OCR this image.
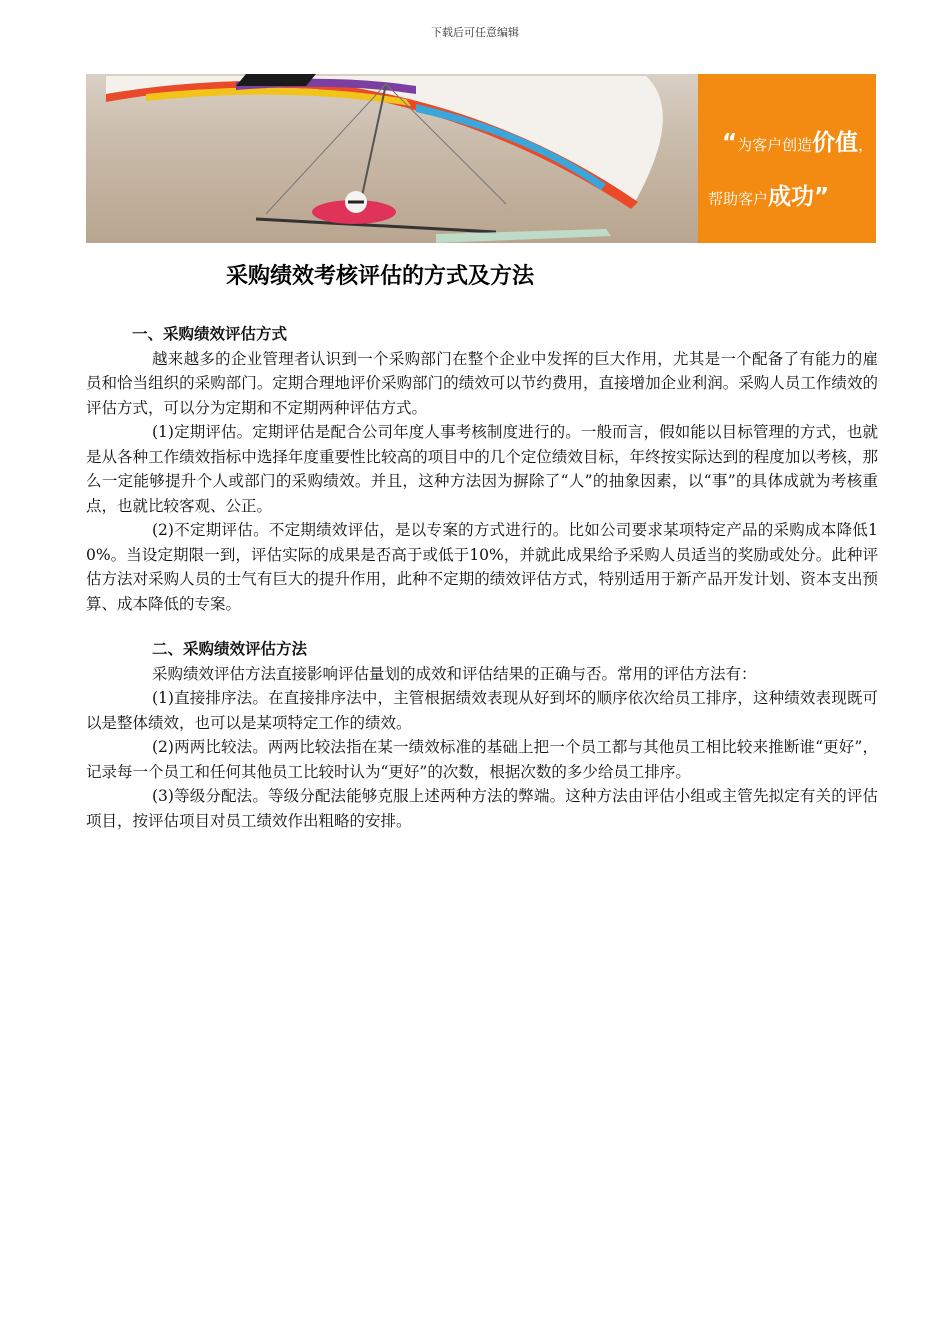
下载后可任意编辑
“为客户创造价值，
帮助客户成功”
采购绩效考核评估的方式及方法

一、采购绩效评估方式

越来越多的企业管理者认识到一个采购部门在整个企业中发挥的巨大作用，尤其是一个配备了有能力的雇员和恰当组织的采购部门。定期合理地评价采购部门的绩效可以节约费用，直接增加企业利润。采购人员工作绩效的评估方式，可以分为定期和不定期两种评估方式。

(1)定期评估。定期评估是配合公司年度人事考核制度进行的。一般而言，假如能以目标管理的方式，也就是从各种工作绩效指标中选择年度重要性比较高的项目中的几个定位绩效目标，年终按实际达到的程度加以考核，那么一定能够提升个人或部门的采购绩效。并且，这种方法因为摒除了“人”的抽象因素，以“事”的具体成就为考核重点，也就比较客观、公正。

(2)不定期评估。不定期绩效评估，是以专案的方式进行的。比如公司要求某项特定产品的采购成本降低10%。当设定期限一到，评估实际的成果是否高于或低于10%，并就此成果给予采购人员适当的奖励或处分。此种评估方法对采购人员的士气有巨大的提升作用，此种不定期的绩效评估方式，特别适用于新产品开发计划、资本支出预算、成本降低的专案。

二、采购绩效评估方法

采购绩效评估方法直接影响评估量划的成效和评估结果的正确与否。常用的评估方法有：

(1)直接排序法。在直接排序法中，主管根据绩效表现从好到坏的顺序依次给员工排序，这种绩效表现既可以是整体绩效，也可以是某项特定工作的绩效。

(2)两两比较法。两两比较法指在某一绩效标准的基础上把一个员工都与其他员工相比较来推断谁“更好”，记录每一个员工和任何其他员工比较时认为“更好”的次数，根据次数的多少给员工排序。

(3)等级分配法。等级分配法能够克服上述两种方法的弊端。这种方法由评估小组或主管先拟定有关的评估项目，按评估项目对员工绩效作出粗略的安排。
